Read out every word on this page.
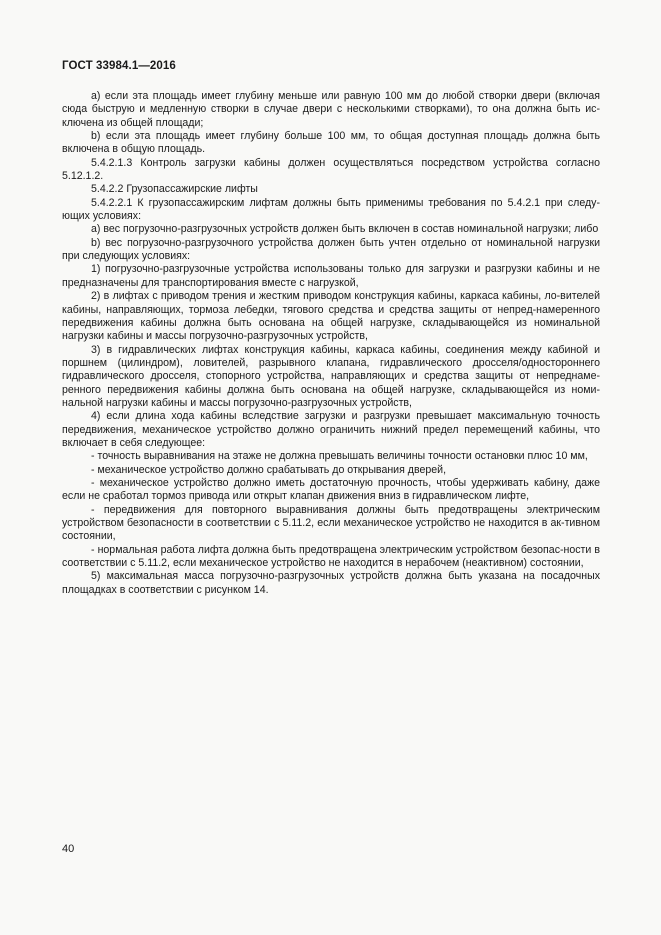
ГОСТ 33984.1—2016

a) если эта площадь имеет глубину меньше или равную 100 мм до любой створки двери (включая сюда быструю и медленную створки в случае двери с несколькими створками), то она должна быть ис-ключена из общей площади;

b) если эта площадь имеет глубину больше 100 мм, то общая доступная площадь должна быть включена в общую площадь.

5.4.2.1.3 Контроль загрузки кабины должен осуществляться посредством устройства согласно 5.12.1.2.

5.4.2.2 Грузопассажирские лифты

5.4.2.2.1 К грузопассажирским лифтам должны быть применимы требования по 5.4.2.1 при следу-ющих условиях:

a) вес погрузочно-разгрузочных устройств должен быть включен в состав номинальной нагрузки; либо

b) вес погрузочно-разгрузочного устройства должен быть учтен отдельно от номинальной нагрузки при следующих условиях:

1) погрузочно-разгрузочные устройства использованы только для загрузки и разгрузки кабины и не предназначены для транспортирования вместе с нагрузкой,

2) в лифтах с приводом трения и жестким приводом конструкция кабины, каркаса кабины, ло-вителей кабины, направляющих, тормоза лебедки, тягового средства и средства защиты от непред-намеренного передвижения кабины должна быть основана на общей нагрузке, складывающейся из номинальной нагрузки кабины и массы погрузочно-разгрузочных устройств,

3) в гидравлических лифтах конструкция кабины, каркаса кабины, соединения между кабиной и поршнем (цилиндром), ловителей, разрывного клапана, гидравлического дросселя/одностороннего гидравлического дросселя, стопорного устройства, направляющих и средства защиты от непреднаме-ренного передвижения кабины должна быть основана на общей нагрузке, складывающейся из номи-нальной нагрузки кабины и массы погрузочно-разгрузочных устройств,

4) если длина хода кабины вследствие загрузки и разгрузки превышает максимальную точность передвижения, механическое устройство должно ограничить нижний предел перемещений кабины, что включает в себя следующее:

- точность выравнивания на этаже не должна превышать величины точности остановки плюс 10 мм,

- механическое устройство должно срабатывать до открывания дверей,

- механическое устройство должно иметь достаточную прочность, чтобы удерживать кабину, даже если не сработал тормоз привода или открыт клапан движения вниз в гидравлическом лифте,

- передвижения для повторного выравнивания должны быть предотвращены электрическим устройством безопасности в соответствии с 5.11.2, если механическое устройство не находится в ак-тивном состоянии,

- нормальная работа лифта должна быть предотвращена электрическим устройством безопас-ности в соответствии с 5.11.2, если механическое устройство не находится в нерабочем (неактивном) состоянии,

5) максимальная масса погрузочно-разгрузочных устройств должна быть указана на посадочных площадках в соответствии с рисунком 14.

40
